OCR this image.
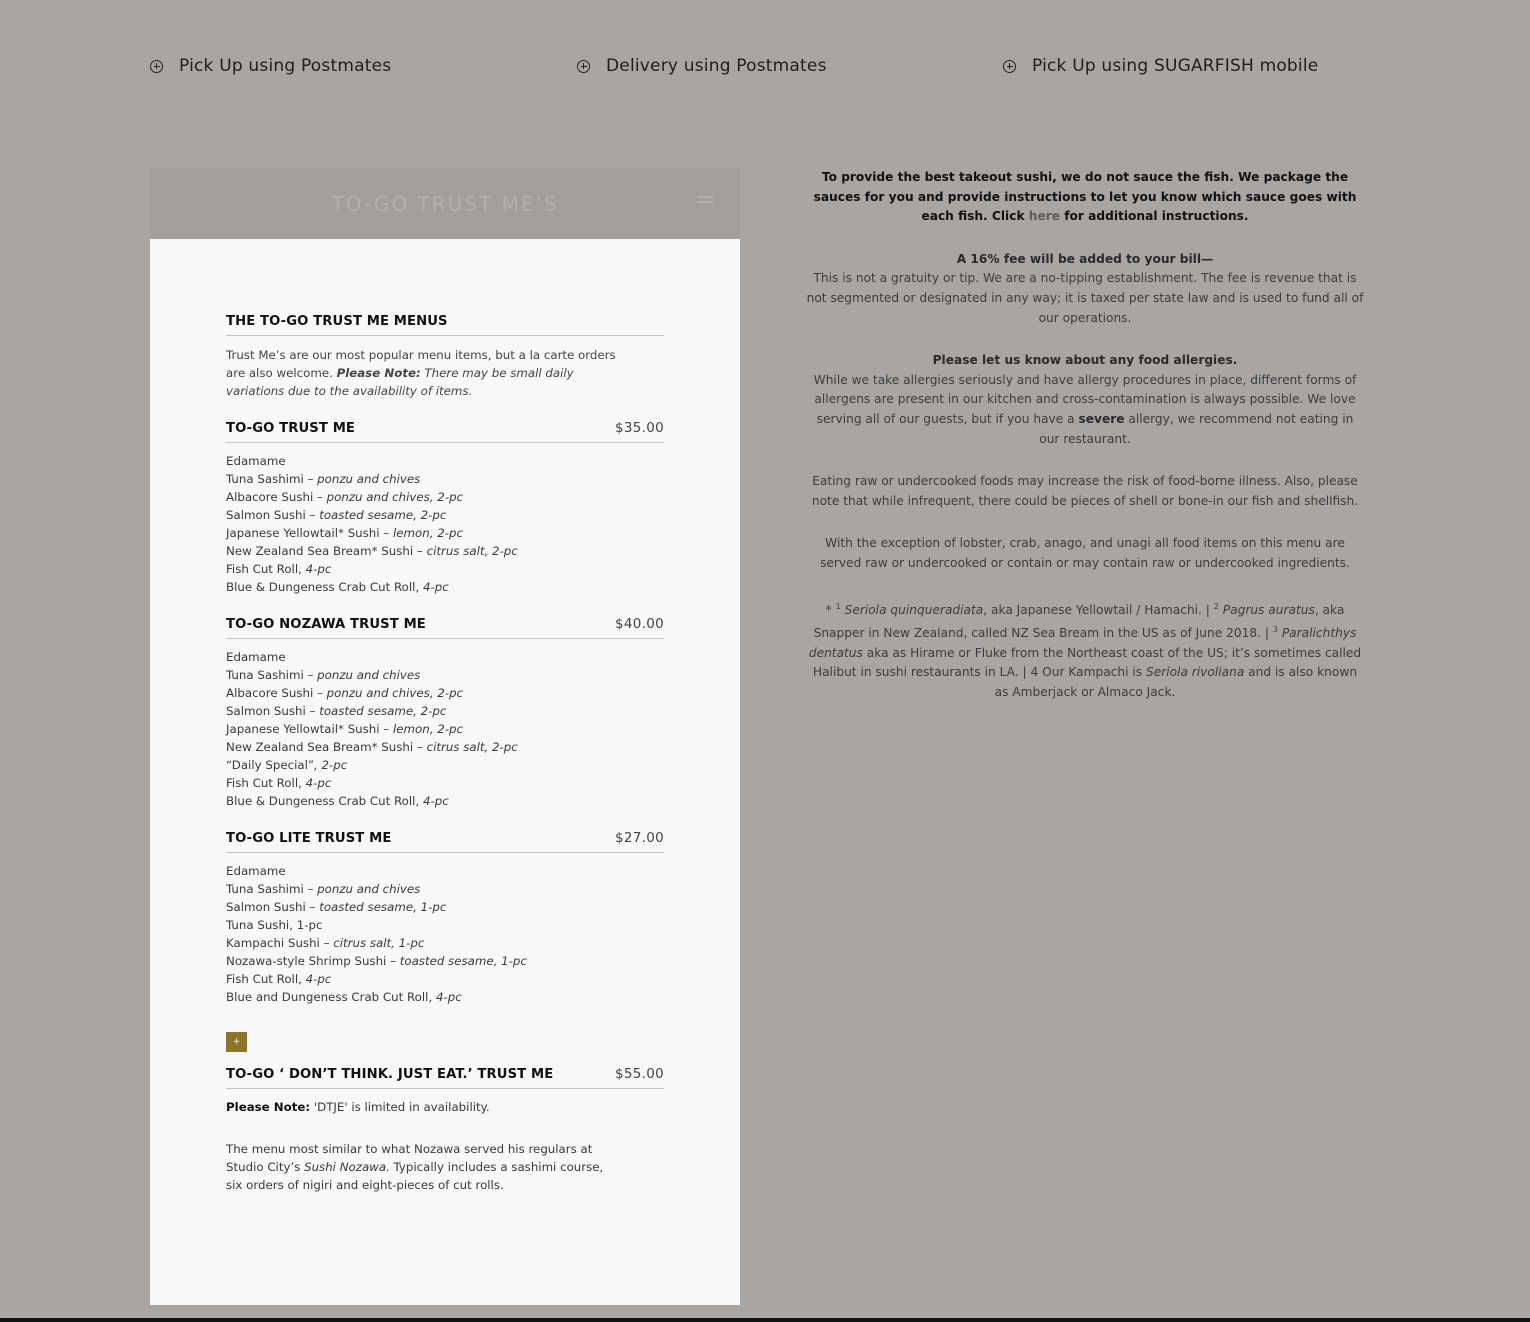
Pick Up using Postmates	Delivery using Postmates	Pick Up using SUGARFISH mobile
TO-GO TRUST ME’S
THE TO-GO TRUST ME MENUS

Trust Me’s are our most popular menu items, but a la carte orders are also welcome. Please Note: There may be small daily variations due to the availability of items.

TO-GO TRUST ME	$35.00
Edamame
Tuna Sashimi – ponzu and chives
Albacore Sushi – ponzu and chives, 2-pc
Salmon Sushi – toasted sesame, 2-pc
Japanese Yellowtail* Sushi – lemon, 2-pc
New Zealand Sea Bream* Sushi – citrus salt, 2-pc
Fish Cut Roll, 4-pc
Blue & Dungeness Crab Cut Roll, 4-pc
TO-GO NOZAWA TRUST ME	$40.00
Edamame
Tuna Sashimi – ponzu and chives
Albacore Sushi – ponzu and chives, 2-pc
Salmon Sushi – toasted sesame, 2-pc
Japanese Yellowtail* Sushi – lemon, 2-pc
New Zealand Sea Bream* Sushi – citrus salt, 2-pc
“Daily Special”, 2-pc
Fish Cut Roll, 4-pc
Blue & Dungeness Crab Cut Roll, 4-pc
TO-GO LITE TRUST ME	$27.00
Edamame
Tuna Sashimi – ponzu and chives
Salmon Sushi – toasted sesame, 1-pc
Tuna Sushi, 1-pc
Kampachi Sushi – citrus salt, 1-pc
Nozawa-style Shrimp Sushi – toasted sesame, 1-pc
Fish Cut Roll, 4-pc
Blue and Dungeness Crab Cut Roll, 4-pc
+
TO-GO ‘ DON’T THINK. JUST EAT.’ TRUST ME	$55.00

Please Note: 'DTJE' is limited in availability.

The menu most similar to what Nozawa served his regulars at Studio City’s Sushi Nozawa. Typically includes a sashimi course, six orders of nigiri and eight-pieces of cut rolls.

To provide the best takeout sushi, we do not sauce the fish. We package the sauces for you and provide instructions to let you know which sauce goes with each fish. Click here for additional instructions.

A 16% fee will be added to your bill—
This is not a gratuity or tip. We are a no-tipping establishment. The fee is revenue that is not segmented or designated in any way; it is taxed per state law and is used to fund all of our operations.

Please let us know about any food allergies.
While we take allergies seriously and have allergy procedures in place, different forms of allergens are present in our kitchen and cross-contamination is always possible. We love serving all of our guests, but if you have a severe allergy, we recommend not eating in our restaurant.

Eating raw or undercooked foods may increase the risk of food-borne illness. Also, please note that while infrequent, there could be pieces of shell or bone-in our fish and shellfish.

With the exception of lobster, crab, anago, and unagi all food items on this menu are served raw or undercooked or contain or may contain raw or undercooked ingredients.

* $^1$ Seriola quinqueradiata, aka Japanese Yellowtail / Hamachi. | $^2$ Pagrus auratus, aka Snapper in New Zealand, called NZ Sea Bream in the US as of June 2018. | $^3$ Paralichthys dentatus aka as Hirame or Fluke from the Northeast coast of the US; it’s sometimes called Halibut in sushi restaurants in LA. | 4 Our Kampachi is Seriola rivoliana and is also known as Amberjack or Almaco Jack.
